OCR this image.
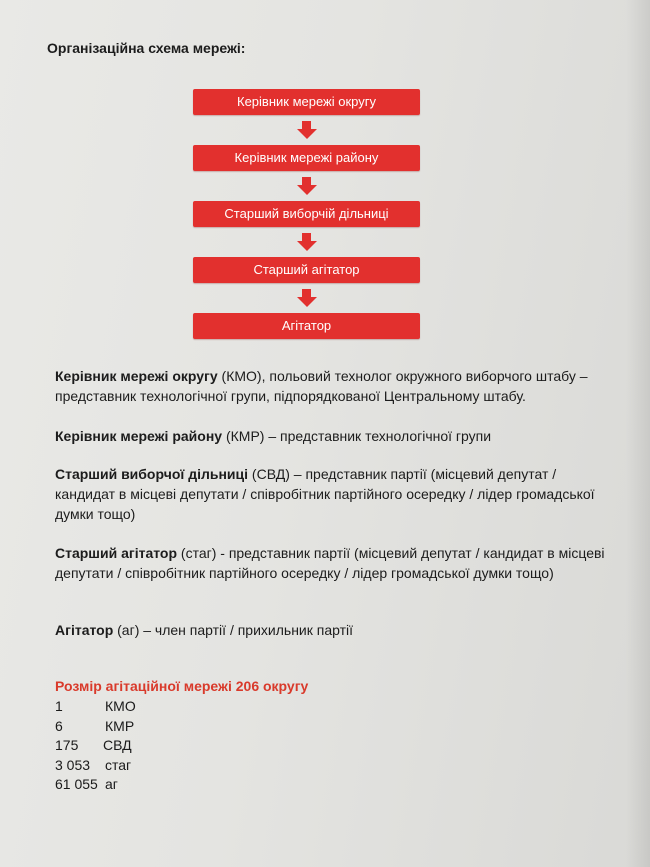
Організаційна схема мережі:
Керівник мережі округу
Керівник мережі району
Старший виборчій дільниці
Старший агітатор
Агітатор
Керівник мережі округу (КМО), польовий технолог окружного виборчого штабу – представник технологічної групи, підпорядкованої Центральному штабу.
Керівник мережі району (КМР) – представник технологічної групи
Старший виборчої дільниці (СВД) – представник партії (місцевий депутат / кандидат в місцеві депутати / співробітник партійного осередку / лідер громадської думки тощо)
Старший агітатор (стаг) - представник партії (місцевий депутат / кандидат в місцеві депутати / співробітник партійного осередку / лідер громадської думки тощо)
Агітатор (аг) – член партії / прихильник партії
Розмір агітаційної мережі 206 округу
1	КМО
6	КМР
175 СВД
3 053 стаг
61 055 аг
